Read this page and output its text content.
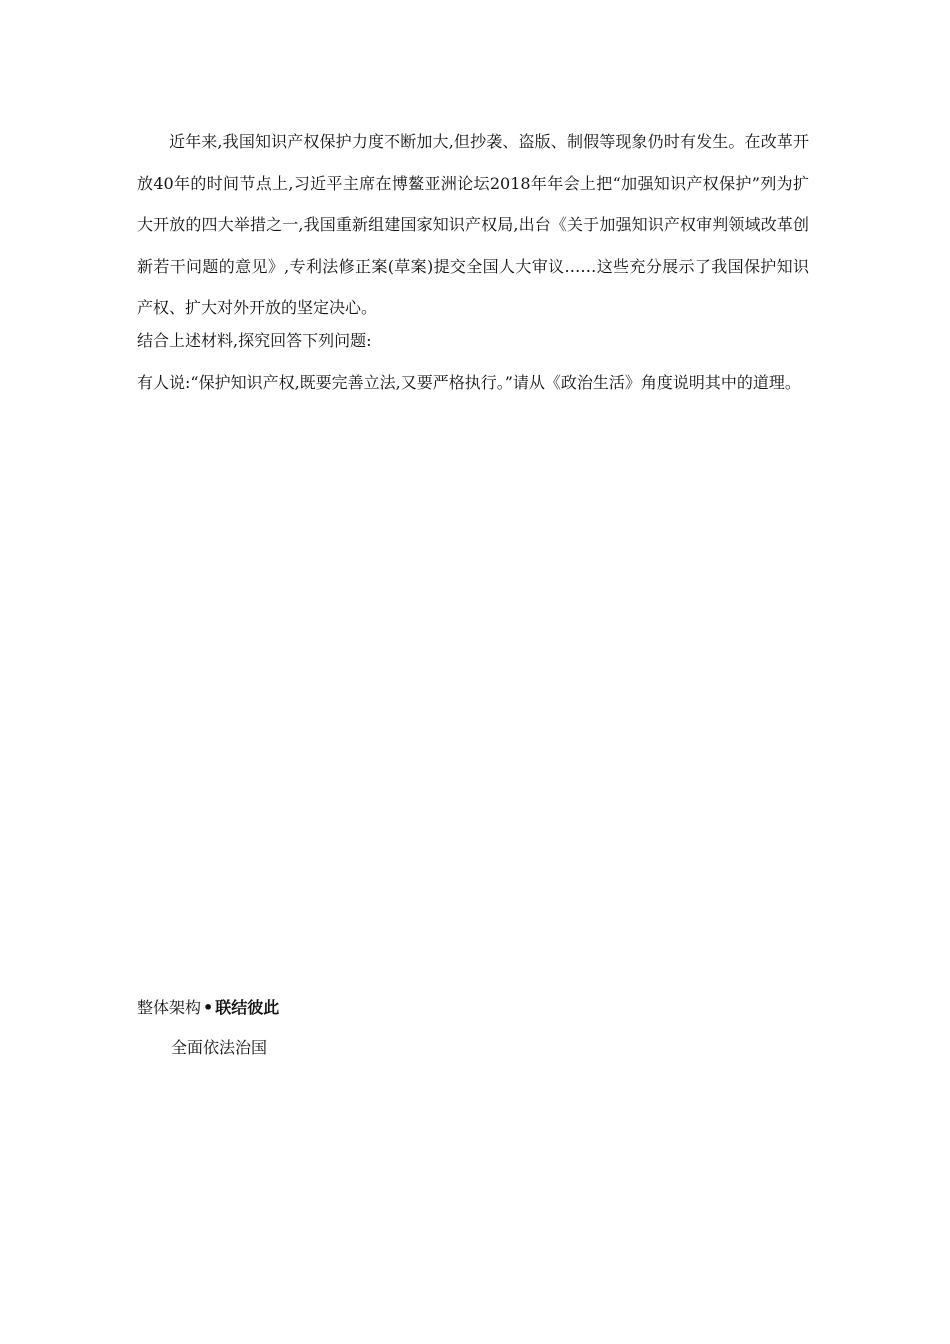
近年来,我国知识产权保护力度不断加大,但抄袭、盗版、制假等现象仍时有发生。在改革开放40年的时间节点上,习近平主席在博鳌亚洲论坛2018年年会上把“加强知识产权保护”列为扩大开放的四大举措之一,我国重新组建国家知识产权局,出台《关于加强知识产权审判领域改革创新若干问题的意见》,专利法修正案(草案)提交全国人大审议……这些充分展示了我国保护知识产权、扩大对外开放的坚定决心。

结合上述材料,探究回答下列问题:

有人说:“保护知识产权,既要完善立法,又要严格执行。”请从《政治生活》角度说明其中的道理。

整体架构 • 联结彼此
全面依法治国
